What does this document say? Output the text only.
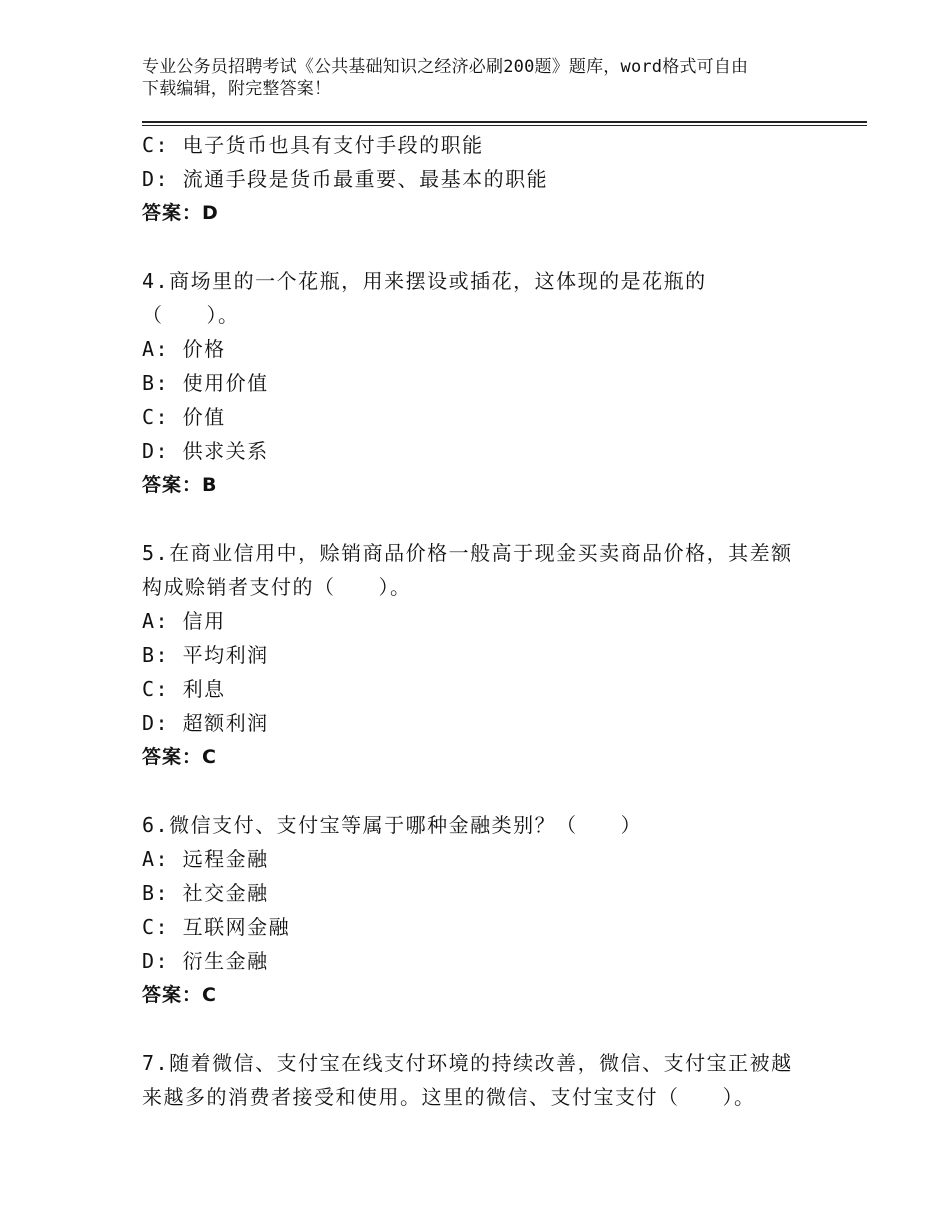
专业公务员招聘考试《公共基础知识之经济必刷200题》题库，word格式可自由
下载编辑，附完整答案！
C: 电子货币也具有支付手段的职能
D: 流通手段是货币最重要、最基本的职能
答案：D
4.商场里的一个花瓶，用来摆设或插花，这体现的是花瓶的
（　　）。
A: 价格
B: 使用价值
C: 价值
D: 供求关系
答案：B
5.在商业信用中，赊销商品价格一般高于现金买卖商品价格，其差额
构成赊销者支付的（　　）。
A: 信用
B: 平均利润
C: 利息
D: 超额利润
答案：C
6.微信支付、支付宝等属于哪种金融类别？（　　）
A: 远程金融
B: 社交金融
C: 互联网金融
D: 衍生金融
答案：C
7.随着微信、支付宝在线支付环境的持续改善，微信、支付宝正被越
来越多的消费者接受和使用。这里的微信、支付宝支付（　　）。
